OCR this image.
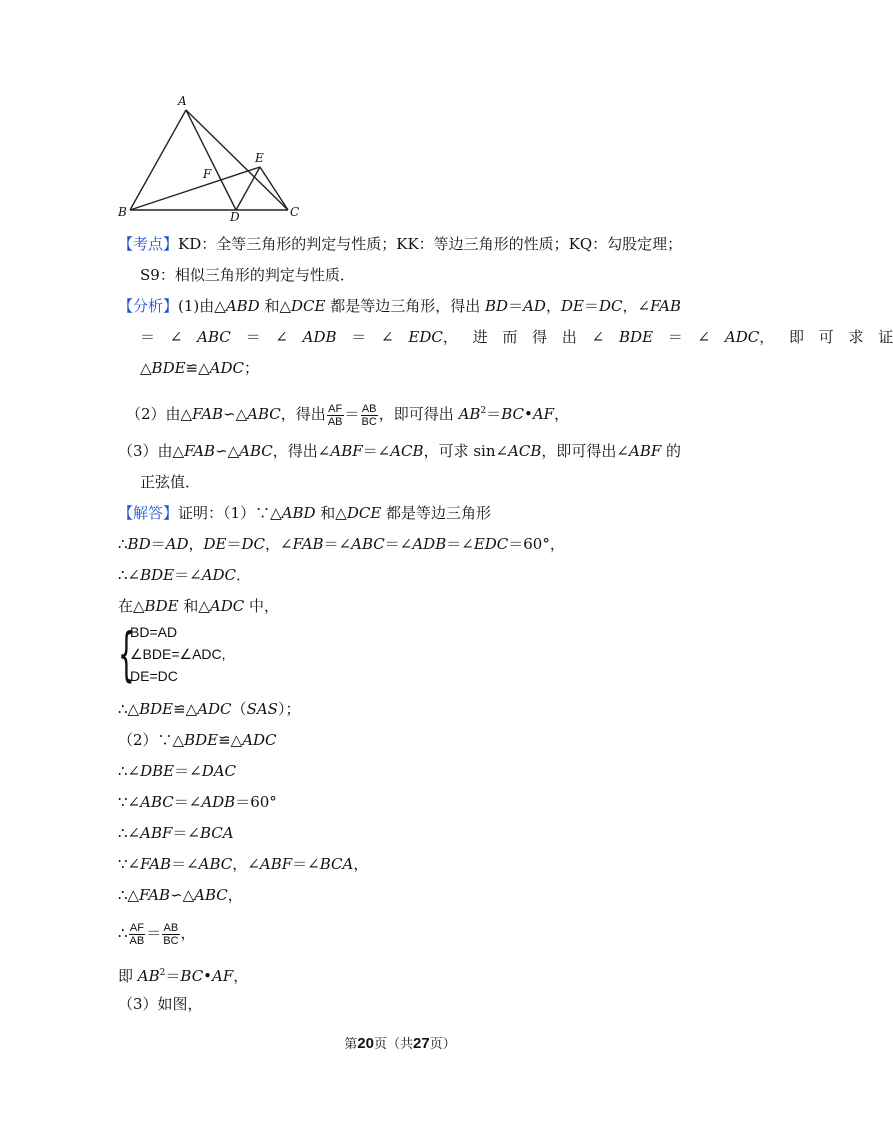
A
B	C
D
E
F
【考点】KD：全等三角形的判定与性质；KK：等边三角形的性质；KQ：勾股定理；
S9：相似三角形的判定与性质．
【分析】(1)由△ABD 和△DCE 都是等边三角形，得出 BD＝AD，DE＝DC，∠FAB
＝ ∠ ABC ＝ ∠ ADB ＝ ∠ EDC， 进 而 得 出 ∠ BDE ＝ ∠ ADC， 即 可 求 证
△BDE≌△ADC；
（2）由△FAB∽△ABC，得出 $\frac{AF}{AB} = \frac{AB}{BC}$ ，即可得出 $AB^2=BC•AF$，
（3）由△FAB∽△ABC，得出∠ABF＝∠ACB，可求 sin∠ACB，即可得出∠ABF 的
正弦值．
【解答】证明：（1）∵△ABD 和△DCE 都是等边三角形
∴BD＝AD，DE＝DC，∠FAB＝∠ABC＝∠ADB＝∠EDC＝60°，
∴∠BDE＝∠ADC．
在△BDE 和△ADC 中，
{
BD=AD
∠BDE=∠ADC,
DE=DC
∴△BDE≌△ADC（SAS）；
（2）∵△BDE≌△ADC
∴∠DBE＝∠DAC
∵∠ABC＝∠ADB＝60°
∴∠ABF＝∠BCA
∵∠FAB＝∠ABC，∠ABF＝∠BCA，
∴△FAB∽△ABC，
∴ $\frac{AF}{AB} = \frac{AB}{BC}$ ，
即 $AB^2=BC•AF$，
（3）如图，
第20页（共27页）
